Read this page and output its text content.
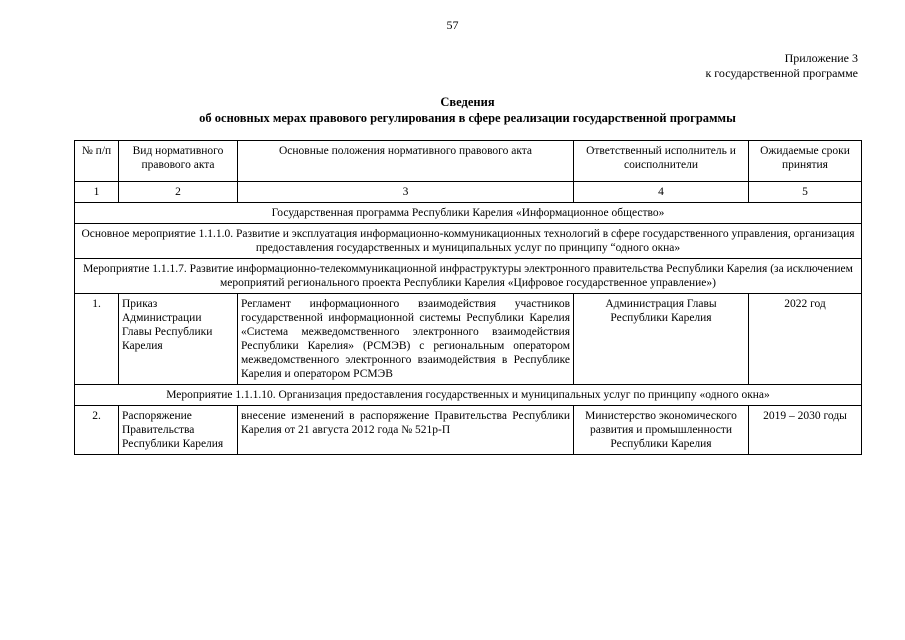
57
Приложение 3
к государственной программе
Сведения
об основных мерах правового регулирования в сфере реализации государственной программы
№ п/п	Вид нормативного правового акта	Основные положения нормативного правового акта	Ответственный исполнитель и соисполнители	Ожидаемые сроки принятия
1	2	3	4	5
Государственная программа Республики Карелия «Информационное общество»				
Основное мероприятие 1.1.1.0. Развитие и эксплуатация информационно-коммуникационных технологий в сфере государственного управления, организация предоставления государственных и муниципальных услуг по принципу “одного окна»				
Мероприятие 1.1.1.7. Развитие информационно-телекоммуникационной инфраструктуры электронного правительства Республики Карелия (за исключением мероприятий регионального проекта Республики Карелия «Цифровое государственное управление»)				
1.	Приказ Администрации Главы Республики Карелия	Регламент информационного взаимодействия участников государственной информационной системы Республики Карелия «Система межведомственного электронного взаимодействия Республики Карелия» (РСМЭВ) с региональным оператором межведомственного электронного взаимодействия в Республике Карелия и оператором РСМЭВ	Администрация Главы Республики Карелия	2022 год
Мероприятие 1.1.1.10. Организация предоставления государственных и муниципальных услуг по принципу «одного окна»				
2.	Распоряжение Правительства Республики Карелия	внесение изменений в распоряжение Правительства Республики Карелия от 21 августа 2012 года № 521р-П	Министерство экономического развития и промышленности Республики Карелия	2019 – 2030 годы
